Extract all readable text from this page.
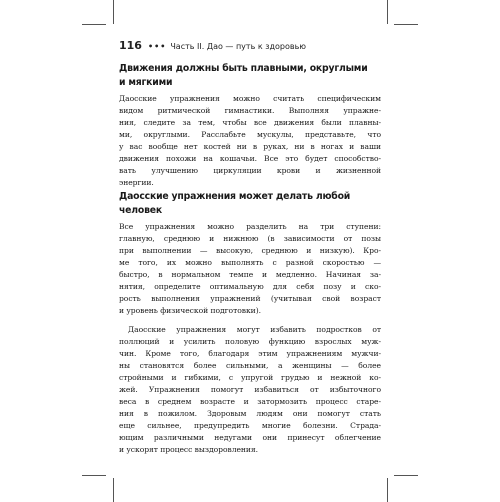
116 ••• Часть II. Дао — путь к здоровью
Движения должны быть плавными, округлыми
и мягкими
Даосские упражнения можно считать специфическим
видом ритмической гимнастики. Выполняя упражне-
ния, следите за тем, чтобы все движения были плавны-
ми, округлыми. Расслабьте мускулы, представьте, что
у вас вообще нет костей ни в руках, ни в ногах и ваши
движения похожи на кошачьи. Все это будет способство-
вать улучшению циркуляции крови и жизненной
энергии.
Даосские упражнения может делать любой
человек
Все упражнения можно разделить на три ступени:
главную, среднюю и нижнюю (в зависимости от позы
при выполнении — высокую, среднюю и низкую). Кро-
ме того, их можно выполнять с разной скоростью —
быстро, в нормальном темпе и медленно. Начиная за-
нятия, определите оптимальную для себя позу и ско-
рость выполнения упражнений (учитывая свой возраст
и уровень физической подготовки).
Даосские упражнения могут избавить подростков от
поллюций и усилить половую функцию взрослых муж-
чин. Кроме того, благодаря этим упражнениям мужчи-
ны становятся более сильными, а женщины — более
стройными и гибкими, с упругой грудью и нежной ко-
жей. Упражнения помогут избавиться от избыточного
веса в среднем возрасте и затормозить процесс старе-
ния в пожилом. Здоровым людям они помогут стать
еще сильнее, предупредить многие болезни. Страда-
ющим различными недугами они принесут облегчение
и ускорят процесс выздоровления.
